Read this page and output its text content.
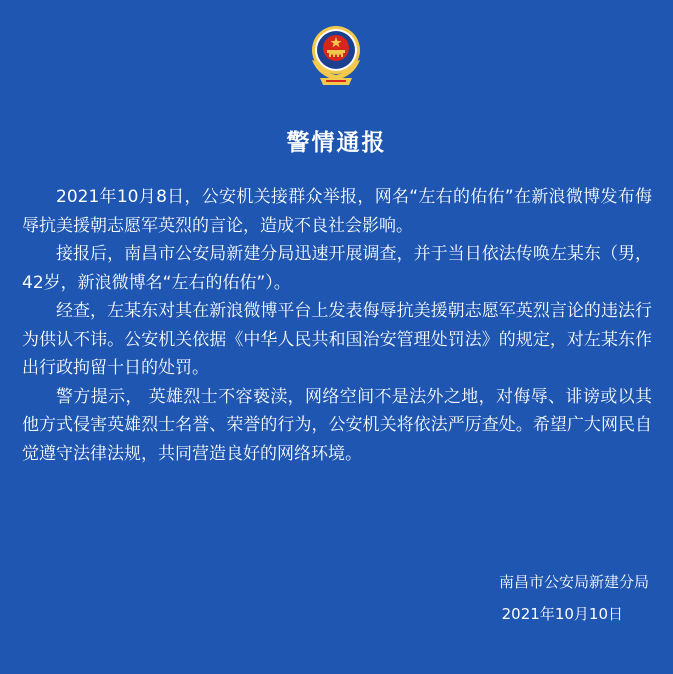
警情通报

2021年10月8日，公安机关接群众举报，网名“左右的佑佑”在新浪微博发布侮辱抗美援朝志愿军英烈的言论，造成不良社会影响。

接报后，南昌市公安局新建分局迅速开展调查，并于当日依法传唤左某东（男，42岁，新浪微博名“左右的佑佑”）。

经查，左某东对其在新浪微博平台上发表侮辱抗美援朝志愿军英烈言论的违法行为供认不讳。公安机关依据《中华人民共和国治安管理处罚法》的规定，对左某东作出行政拘留十日的处罚。

警方提示， 英雄烈士不容亵渎，网络空间不是法外之地，对侮辱、诽谤或以其他方式侵害英雄烈士名誉、荣誉的行为，公安机关将依法严厉查处。希望广大网民自觉遵守法律法规，共同营造良好的网络环境。

南昌市公安局新建分局

2021年10月10日
